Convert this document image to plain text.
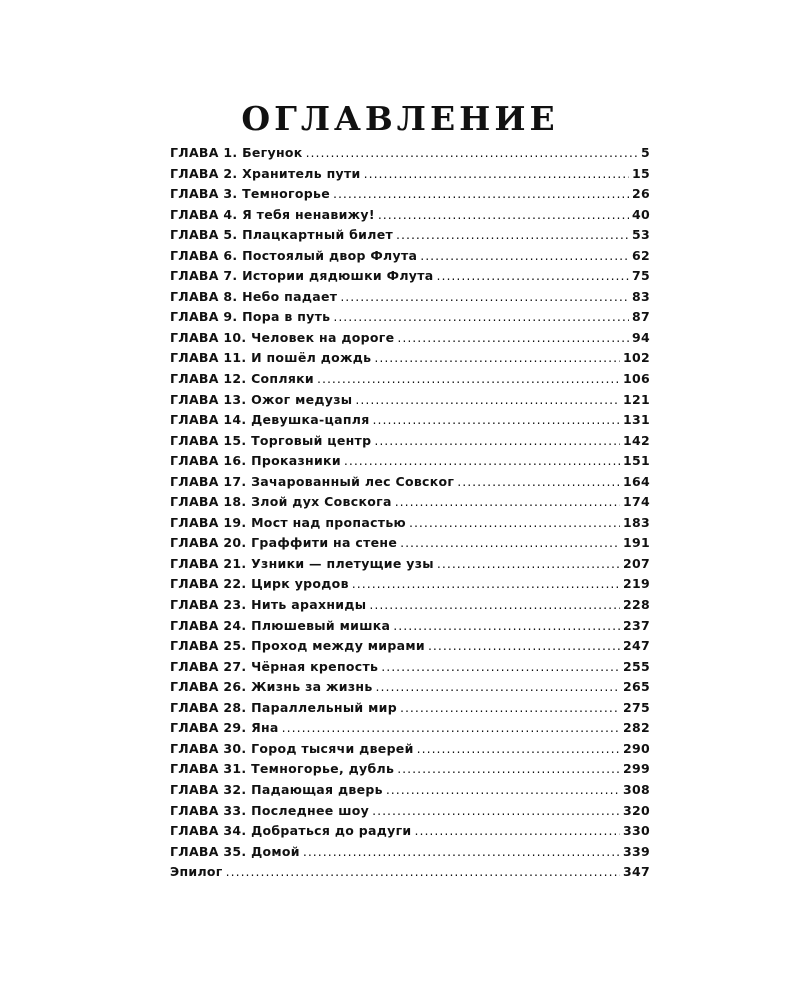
ОГЛАВЛЕНИЕ
ГЛАВА 1. Бегунок .....	5
ГЛАВА 2. Хранитель пути .....	15
ГЛАВА 3. Темногорье .....	26
ГЛАВА 4. Я тебя ненавижу! .....	40
ГЛАВА 5. Плацкартный билет .....	53
ГЛАВА 6. Постоялый двор Флута .....	62
ГЛАВА 7. Истории дядюшки Флута .....	75
ГЛАВА 8. Небо падает .....	83
ГЛАВА 9. Пора в путь .....	87
ГЛАВА 10. Человек на дороге .....	94
ГЛАВА 11. И пошёл дождь .....	102
ГЛАВА 12. Сопляки .....	106
ГЛАВА 13. Ожог медузы .....	121
ГЛАВА 14. Девушка-цапля .....	131
ГЛАВА 15. Торговый центр .....	142
ГЛАВА 16. Проказники .....	151
ГЛАВА 17. Зачарованный лес Совског .....	164
ГЛАВА 18. Злой дух Совскога .....	174
ГЛАВА 19. Мост над пропастью .....	183
ГЛАВА 20. Граффити на стене .....	191
ГЛАВА 21. Узники — плетущие узы .....	207
ГЛАВА 22. Цирк уродов .....	219
ГЛАВА 23. Нить арахниды .....	228
ГЛАВА 24. Плюшевый мишка .....	237
ГЛАВА 25. Проход между мирами .....	247
ГЛАВА 27. Чёрная крепость .....	255
ГЛАВА 26. Жизнь за жизнь .....	265
ГЛАВА 28. Параллельный мир .....	275
ГЛАВА 29. Яна .....	282
ГЛАВА 30. Город тысячи дверей .....	290
ГЛАВА 31. Темногорье, дубль .....	299
ГЛАВА 32. Падающая дверь .....	308
ГЛАВА 33. Последнее шоу .....	320
ГЛАВА 34. Добраться до радуги .....	330
ГЛАВА 35. Домой .....	339
Эпилог .....	347
